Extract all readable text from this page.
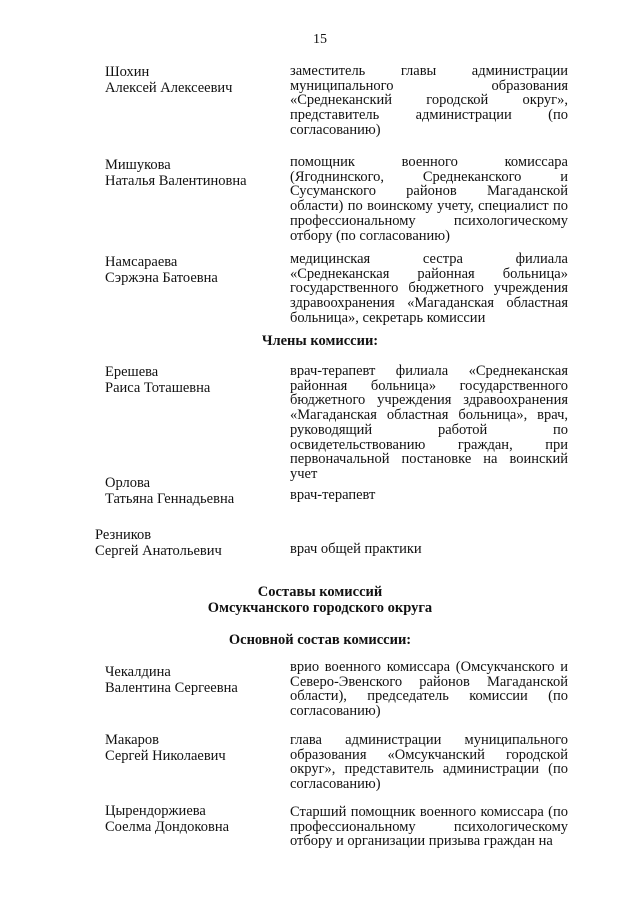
15
Шохин
Алексей Алексеевич
заместитель главы администрации муниципального образования «Среднеканский городской округ», представитель администрации (по согласованию)
Мишукова
Наталья Валентиновна
помощник военного комиссара (Ягоднинского, Среднеканского и Сусуманского районов Магаданской области) по воинскому учету, специалист по профессиональному психологическому отбору (по согласованию)
Намсараева
Сэржэна Батоевна
медицинская сестра филиала «Среднеканская районная больница» государственного бюджетного учреждения здравоохранения «Магаданская областная больница», секретарь комиссии
Члены комиссии:
Ерешева
Раиса Тоташевна
врач-терапевт филиала «Среднеканская районная больница» государственного бюджетного учреждения здравоохранения «Магаданская областная больница», врач, руководящий работой по освидетельствованию граждан, при первоначальной постановке на воинский учет
Орлова
Татьяна Геннадьевна	врач-терапевт
Резников
Сергей Анатольевич	врач общей практики
Составы комиссий
Омсукчанского городского округа
Основной состав комиссии:
Чекалдина
Валентина Сергеевна
врио военного комиссара (Омсукчанского и Северо-Эвенского районов Магаданской области), председатель комиссии (по согласованию)
Макаров
Сергей Николаевич
глава администрации муниципального образования «Омсукчанский городской округ», представитель администрации (по согласованию)
Цырендоржиева
Соелма Дондоковна
Старший помощник военного комиссара (по профессиональному психологическому отбору и организации призыва граждан на
